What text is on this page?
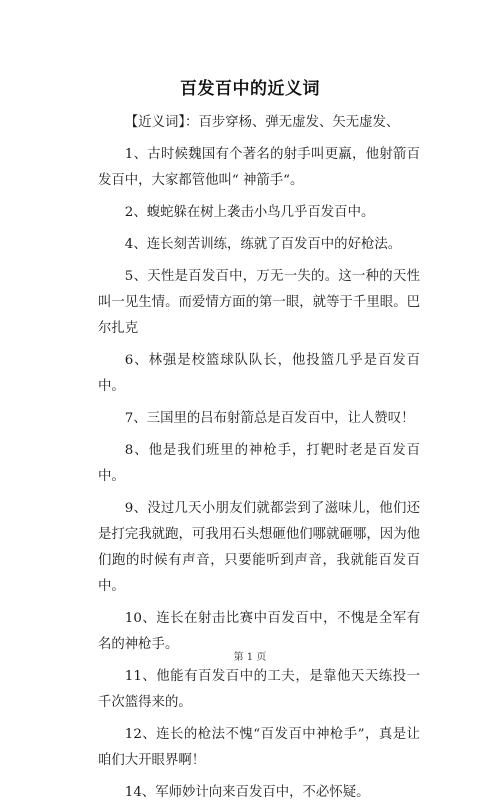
百发百中的近义词

【近义词】：百步穿杨、弹无虚发、矢无虚发、

1、古时候魏国有个著名的射手叫更羸，他射箭百发百中，大家都管他叫“ 神箭手“。

2、蝮蛇躲在树上袭击小鸟几乎百发百中。

4、连长刻苦训练，练就了百发百中的好枪法。

5、天性是百发百中，万无一失的。这一种的天性叫一见生情。而爱情方面的第一眼，就等于千里眼。巴尔扎克

6、林强是校篮球队队长，他投篮几乎是百发百中。

7、三国里的吕布射箭总是百发百中，让人赞叹！

8、他是我们班里的神枪手，打靶时老是百发百中。

9、没过几天小朋友们就都尝到了滋味儿，他们还是打完我就跑，可我用石头想砸他们哪就砸哪，因为他们跑的时候有声音，只要能听到声音，我就能百发百中。

10、连长在射击比赛中百发百中，不愧是全军有名的神枪手。

11、他能有百发百中的工夫，是靠他天天练投一千次篮得来的。

12、连长的枪法不愧“百发百中神枪手”，真是让咱们大开眼界啊！

14、军师妙计向来百发百中，不必怀疑。

第 1 页
